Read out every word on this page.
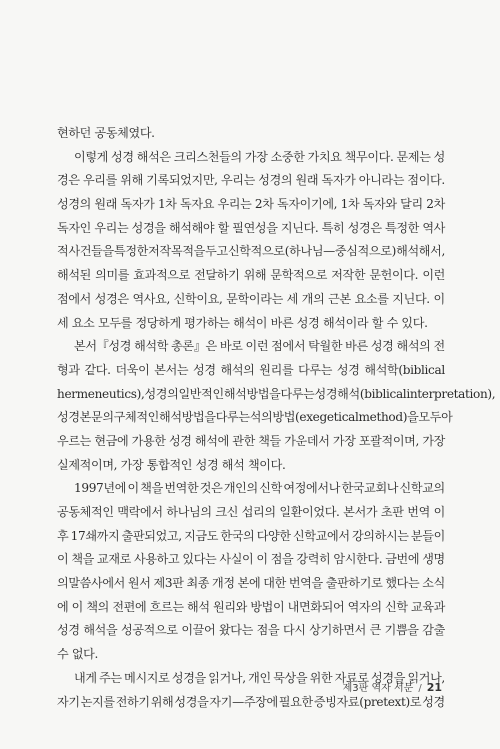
현하던 공동체였다.
이렇게 성경 해석은 크리스천들의 가장 소중한 가치요 책무이다. 문제는 성
경은 우리를 위해 기록되었지만, 우리는 성경의 원래 독자가 아니라는 점이다.
성경의 원래 독자가 1차 독자요 우리는 2차 독자이기에, 1차 독자와 달리 2차
독자인 우리는 성경을 해석해야 할 필연성을 지닌다. 특히 성경은 특정한 역사
적 사건들을 특정한 저작 목적을 두고 신학적으로 (하나님—중심적으로) 해석해서,
해석된 의미를 효과적으로 전달하기 위해 문학적으로 저작한 문헌이다. 이런
점에서 성경은 역사요, 신학이요, 문학이라는 세 개의 근본 요소를 지닌다. 이
세 요소 모두를 정당하게 평가하는 해석이 바른 성경 해석이라 할 수 있다.
본서『성경 해석학 총론』은 바로 이런 점에서 탁월한 바른 성경 해석의 전
형과 같다. 더욱이 본서는 성경 해석의 원리를 다루는 성경 해석학(biblical
hermeneutics), 성경의 일반적인 해석 방법을 다루는 성경 해석(biblical interpretation),
성경 본문의 구체적인 해석 방법을 다루는 석의 방법(exegetical method)을 모두 아
우르는 현금에 가용한 성경 해석에 관한 책들 가운데서 가장 포괄적이며, 가장
실제적이며, 가장 통합적인 성경 해석 책이다.
1997년에 이 책을 번역한 것은 개인의 신학 여정에서나 한국교회나 신학교의
공동체적인 맥락에서 하나님의 크신 섭리의 일환이었다. 본서가 초판 번역 이
후 17쇄까지 출판되었고, 지금도 한국의 다양한 신학교에서 강의하시는 분들이
이 책을 교재로 사용하고 있다는 사실이 이 점을 강력히 암시한다. 금번에 생명
의말씀사에서 원서 제3판 최종 개정 본에 대한 번역을 출판하기로 했다는 소식
에 이 책의 전편에 흐르는 해석 원리와 방법이 내면화되어 역자의 신학 교육과
성경 해석을 성공적으로 이끌어 왔다는 점을 다시 상기하면서 큰 기쁨을 감출
수 없다.
내게 주는 메시지로 성경을 읽거나, 개인 묵상을 위한 자료로 성경을 읽거나,
자기 논지를 전하기 위해 성경을 자기—주장에 필요한 증빙자료(pretext)로 성경
제3판 역자 서문 / 21
